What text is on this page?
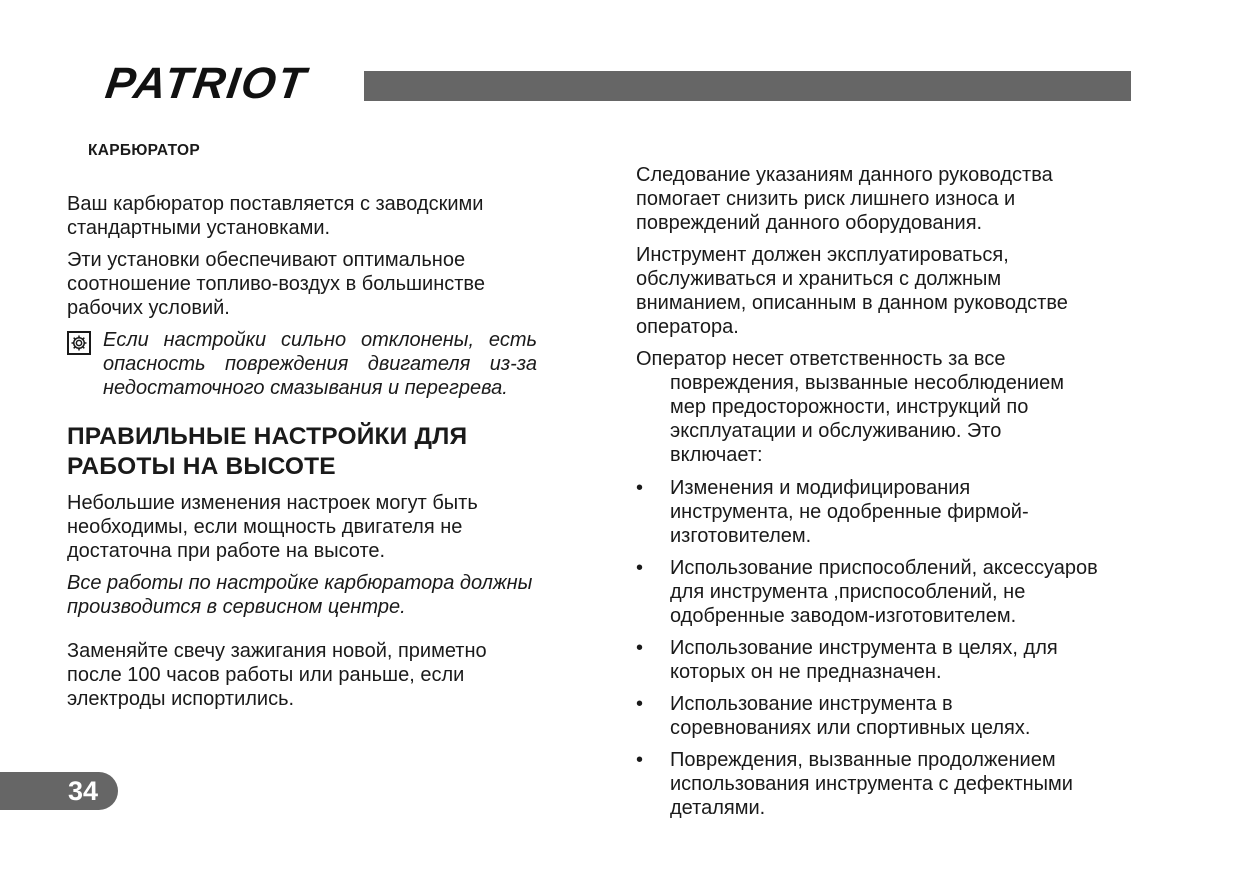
PATRIOT
КАРБЮРАТОР

Ваш карбюратор поставляется с заводскими стандартными установками.

Эти установки обеспечивают оптимальное соотношение топливо-воздух в большинстве рабочих условий.

Если настройки сильно отклонены, есть опасность повреждения двигателя из-за недостаточного смазывания и перегрева.

ПРАВИЛЬНЫЕ НАСТРОЙКИ ДЛЯ РАБОТЫ НА ВЫСОТЕ

Небольшие изменения настроек могут быть необходимы, если мощность двигателя не достаточна при работе на высоте.

Все работы по настройке карбюратора должны производится в сервисном центре.

Заменяйте свечу зажигания новой, приметно после 100 часов работы или раньше, если электроды испортились.

Следование указаниям данного руководства помогает снизить риск лишнего износа и повреждений данного оборудования.

Инструмент должен эксплуатироваться, обслуживаться и храниться с должным вниманием, описанным в данном руководстве оператора.

Оператор несет ответственность за все повреждения, вызванные несоблюдением мер предосторожности, инструкций по эксплуатации и обслуживанию. Это включает:

• Изменения и модифицирования инструмента, не одобренные фирмой- изготовителем.
• Использование приспособлений, аксессуаров для инструмента ,приспособлений, не одобренные заводом-изготовителем.
• Использование инструмента в целях, для которых он не предназначен.
• Использование инструмента в соревнованиях или спортивных целях.
• Повреждения, вызванные продолжением использования инструмента с дефектными деталями.
34
